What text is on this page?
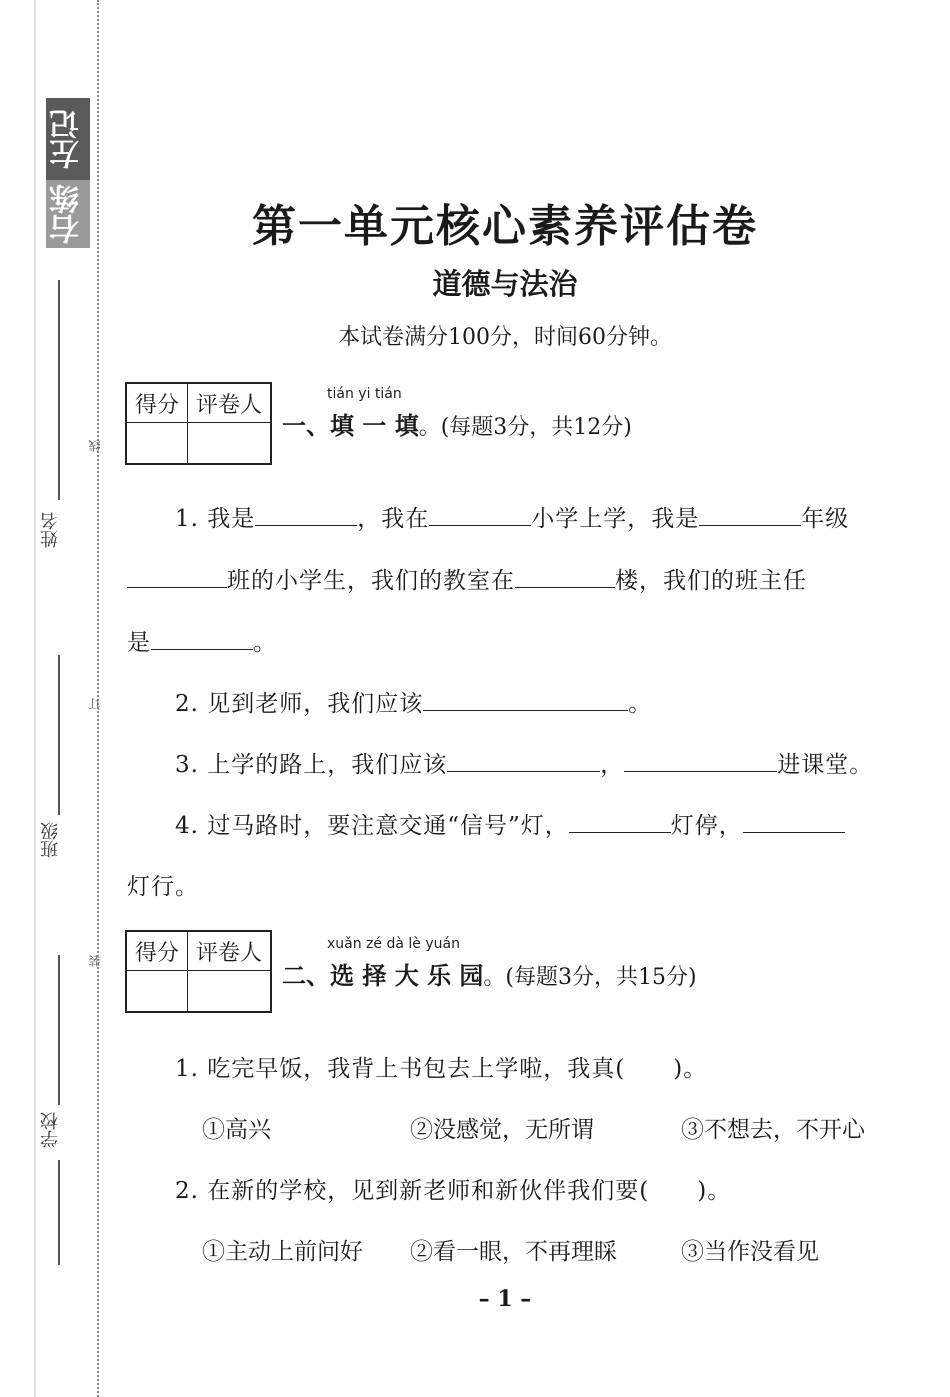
左记
右练
姓名
班级
学校
线
订
装
第一单元核心素养评估卷
道德与法治
本试卷满分100分，时间60分钟。
得分	评卷人
		tián yi tián
一、填 一 填。(每题3分，共12分)
1. 我是	，我在	小学上学，我是	年级
班的小学生，我们的教室在	楼，我们的班主任
是	。
2. 见到老师，我们应该	。
3. 上学的路上，我们应该	，	进课堂。
4. 过马路时，要注意交通“信号”灯，	灯停，
灯行。
得分	评卷人
		xuǎn zé dà lè yuán
二、选 择 大 乐 园。(每题3分，共15分)
1. 吃完早饭，我背上书包去上学啦，我真(　　)。
①高兴	②没感觉，无所谓	③不想去，不开心
2. 在新的学校，见到新老师和新伙伴我们要(　　)。
①主动上前问好 ②看一眼，不再理睬	③当作没看见
– 1 –
